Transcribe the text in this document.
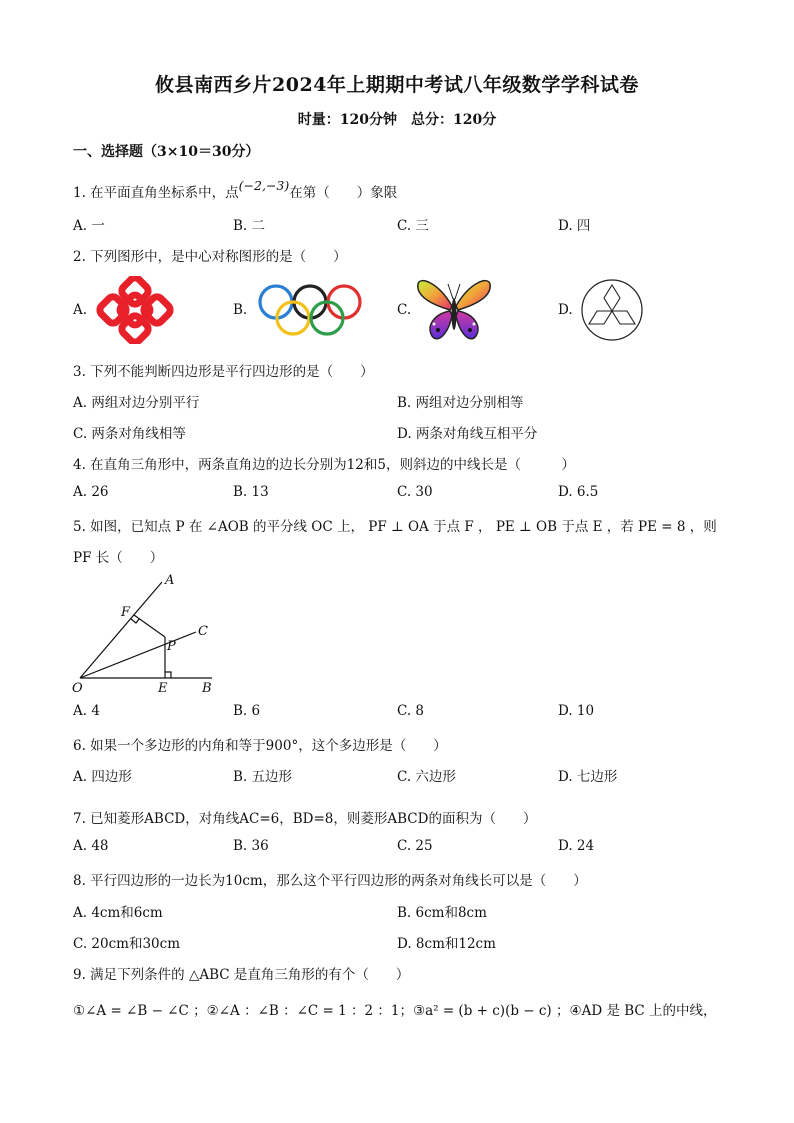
攸县南西乡片2024年上期期中考试八年级数学学科试卷
时量：120分钟　总分：120分
一、选择题（3×10＝30分）
1. 在平面直角坐标系中，点(−2,−3)在第（　　）象限
A. 一	B. 二	C. 三	D. 四
2. 下列图形中，是中心对称图形的是（　　）
A.	B.	C.	D.
3. 下列不能判断四边形是平行四边形的是（　　）
A. 两组对边分别平行	B. 两组对边分别相等
C. 两条对角线相等	D. 两条对角线互相平分
4. 在直角三角形中，两条直角边的边长分别为12和5，则斜边的中线长是（　　　）
A. 26	B. 13	C. 30	D. 6.5
5. 如图，已知点 P 在 ∠AOB 的平分线 OC 上， PF ⊥ OA 于点 F ， PE ⊥ OB 于点 E ，若 PE = 8 ，则
PF 长（　　）
A
F
C
P
O	E	B
A. 4	B. 6	C. 8	D. 10
6. 如果一个多边形的内角和等于900°，这个多边形是（　　）
A. 四边形	B. 五边形	C. 六边形	D. 七边形
7. 已知菱形ABCD，对角线AC=6，BD=8，则菱形ABCD的面积为（　　）
A. 48	B. 36	C. 25	D. 24
8. 平行四边形的一边长为10cm，那么这个平行四边形的两条对角线长可以是（　　）
A. 4cm和6cm	B. 6cm和8cm
C. 20cm和30cm	D. 8cm和12cm
9. 满足下列条件的 △ABC 是直角三角形的有个（　　）
①∠A = ∠B − ∠C ；②∠A ：∠B ：∠C = 1 ：2 ：1；③a² = (b + c)(b − c) ；④AD 是 BC 上的中线，
